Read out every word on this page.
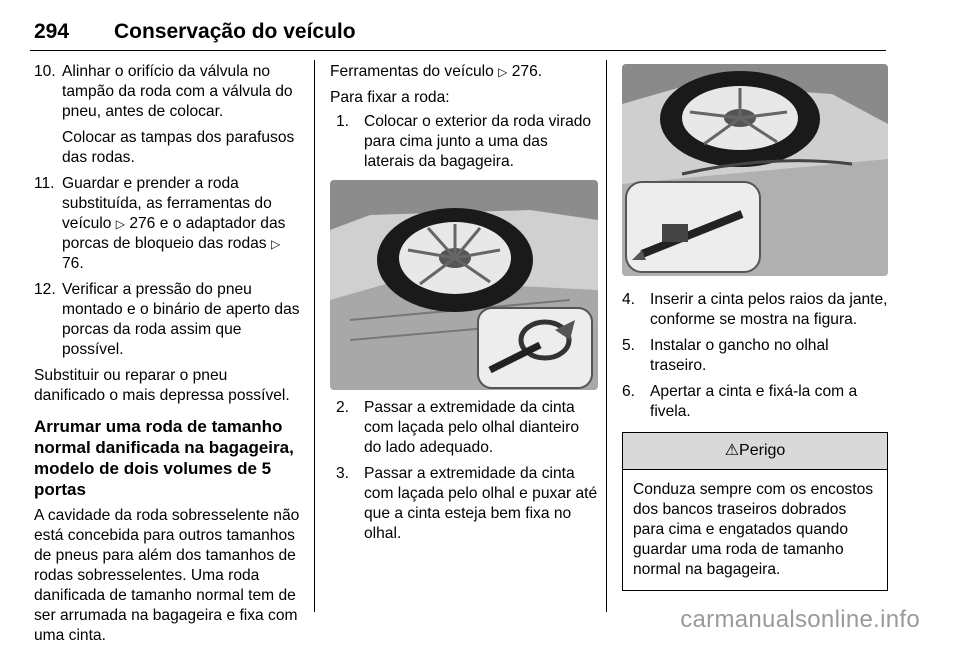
294 Conservação do veículo
10. Alinhar o orifício da válvula no tampão da roda com a válvula do pneu, antes de colocar.

Colocar as tampas dos parafusos das rodas.

11. Guardar e prender a roda substituída, as ferramentas do veículo ▷ 276 e o adaptador das porcas de bloqueio das rodas ▷ 76.

12. Verificar a pressão do pneu montado e o binário de aperto das porcas da roda assim que possível.

Substituir ou reparar o pneu danificado o mais depressa possível.

Arrumar uma roda de tamanho normal danificada na bagageira, modelo de dois volumes de 5 portas

A cavidade da roda sobresselente não está concebida para outros tamanhos de pneus para além dos tamanhos de rodas sobresselentes. Uma roda danificada de tamanho normal tem de ser arrumada na bagageira e fixa com uma cinta.

Ferramentas do veículo ▷ 276.

Para fixar a roda:

1. Colocar o exterior da roda virado para cima junto a uma das laterais da bagageira.

2. Passar a extremidade da cinta com laçada pelo olhal dianteiro do lado adequado.

3. Passar a extremidade da cinta com laçada pelo olhal e puxar até que a cinta esteja bem fixa no olhal.

4. Inserir a cinta pelos raios da jante, conforme se mostra na figura.

5. Instalar o gancho no olhal traseiro.

6. Apertar a cinta e fixá-la com a fivela.

⚠Perigo
Conduza sempre com os encostos dos bancos traseiros dobrados para cima e engatados quando guardar uma roda de tamanho normal na bagageira.
carmanualsonline.info
